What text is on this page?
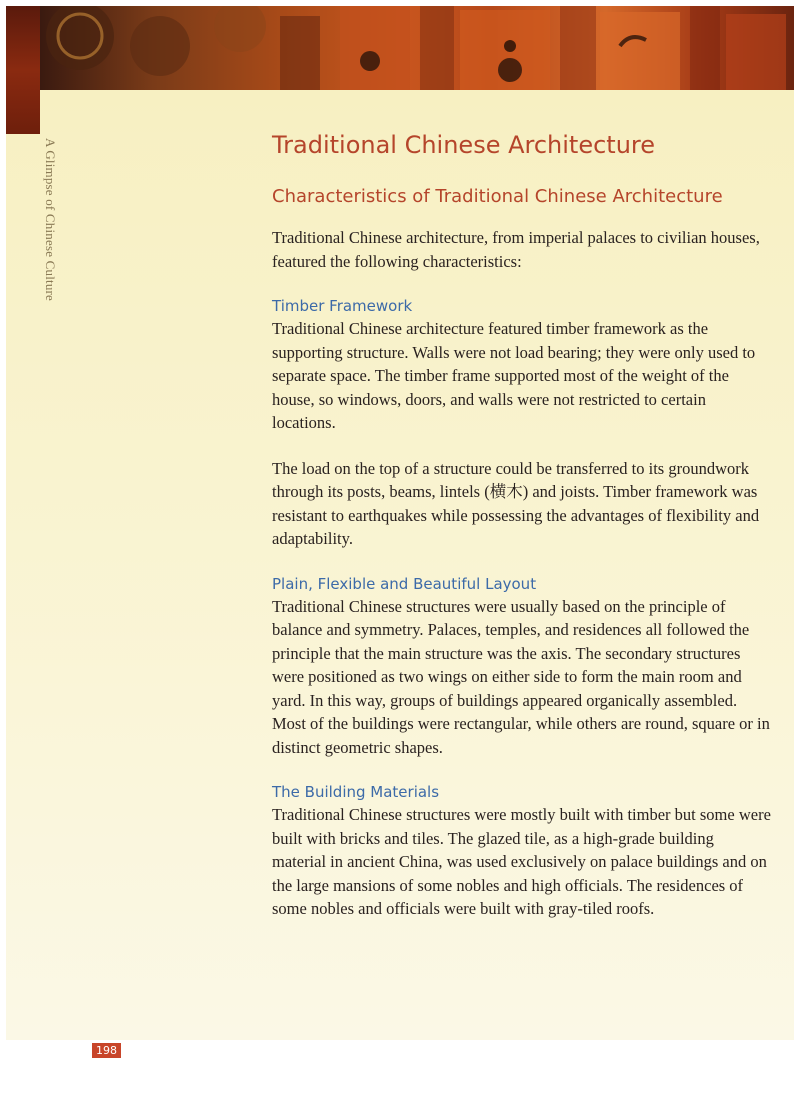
A Glimpse of Chinese Culture	Traditional Chinese Architecture
Characteristics of Traditional Chinese Architecture

Traditional Chinese architecture, from imperial palaces to civilian houses, featured the following characteristics:

Timber Framework

Traditional Chinese architecture featured timber framework as the supporting structure. Walls were not load bearing; they were only used to separate space. The timber frame supported most of the weight of the house, so windows, doors, and walls were not restricted to certain locations.

The load on the top of a structure could be transferred to its groundwork through its posts, beams, lintels (横木) and joists. Timber framework was resistant to earthquakes while possessing the advantages of flexibility and adaptability.

Plain, Flexible and Beautiful Layout

Traditional Chinese structures were usually based on the principle of balance and symmetry. Palaces, temples, and residences all followed the principle that the main structure was the axis. The secondary structures were positioned as two wings on either side to form the main room and yard. In this way, groups of buildings appeared organically assembled. Most of the buildings were rectangular, while others are round, square or in distinct geometric shapes.

The Building Materials

Traditional Chinese structures were mostly built with timber but some were built with bricks and tiles. The glazed tile, as a high-grade building material in ancient China, was used exclusively on palace buildings and on the large mansions of some nobles and high officials. The residences of some nobles and officials were built with gray-tiled roofs.

198
